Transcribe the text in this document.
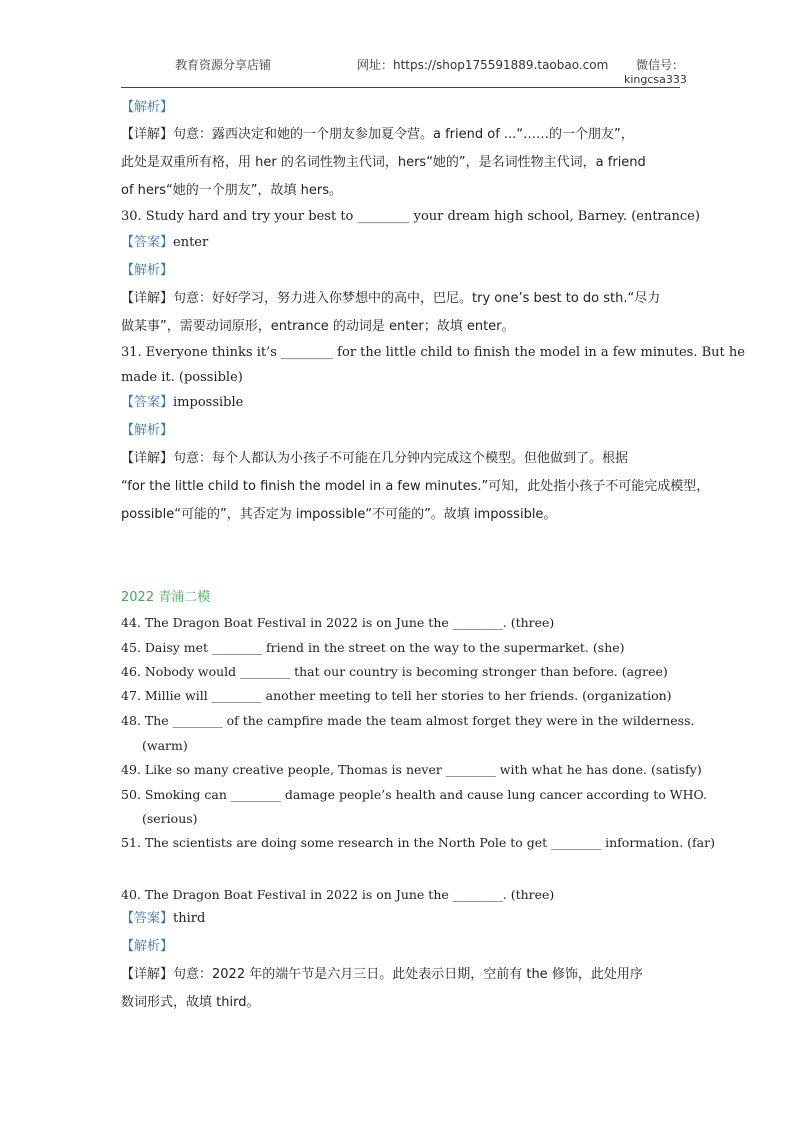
教育资源分享店铺	网址：https://shop175591889.taobao.com 微信号：
kingcsa333
【解析】
【详解】句意：露西决定和她的一个朋友参加夏令营。a friend of ...“……的一个朋友”，
此处是双重所有格，用 her 的名词性物主代词，hers“她的”，是名词性物主代词，a friend
of hers“她的一个朋友”，故填 hers。
30. Study hard and try your best to ________ your dream high school, Barney. (entrance)
【答案】enter
【解析】
【详解】句意：好好学习，努力进入你梦想中的高中，巴尼。try one’s best to do sth.“尽力
做某事”，需要动词原形，entrance 的动词是 enter；故填 enter。
31. Everyone thinks it’s ________ for the little child to finish the model in a few minutes. But he
made it. (possible)
【答案】impossible
【解析】
【详解】句意：每个人都认为小孩子不可能在几分钟内完成这个模型。但他做到了。根据
“for the little child to finish the model in a few minutes.”可知，此处指小孩子不可能完成模型，
possible“可能的”，其否定为 impossible“不可能的”。故填 impossible。
2022 青浦二模
44. The Dragon Boat Festival in 2022 is on June the ________. (three)
45. Daisy met ________ friend in the street on the way to the supermarket. (she)
46. Nobody would ________ that our country is becoming stronger than before. (agree)
47. Millie will ________ another meeting to tell her stories to her friends. (organization)
48. The ________ of the campfire made the team almost forget they were in the wilderness.
(warm)
49. Like so many creative people, Thomas is never ________ with what he has done. (satisfy)
50. Smoking can ________ damage people’s health and cause lung cancer according to WHO.
(serious)
51. The scientists are doing some research in the North Pole to get ________ information. (far)
40. The Dragon Boat Festival in 2022 is on June the ________. (three)
【答案】third
【解析】
【详解】句意：2022 年的端午节是六月三日。此处表示日期，空前有 the 修饰，此处用序
数词形式，故填 third。
